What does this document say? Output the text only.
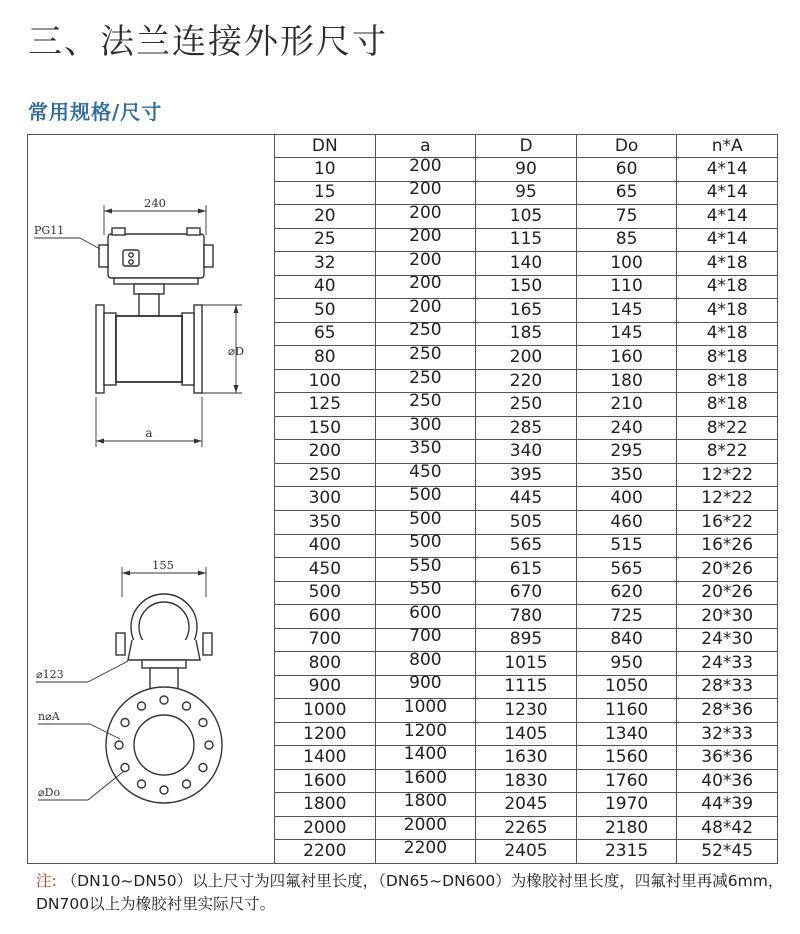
三、法兰连接外形尺寸
常用规格/尺寸
240
PG11
⌀D
a
155
⌀123
n⌀A
⌀Do
DN	a	D	Do	n*A
10	200	90	60	4*14
15	200	95	65	4*14
20	200	105	75	4*14
25	200	115	85	4*14
32	200	140	100	4*18
40	200	150	110	4*18
50	200	165	145	4*18
65	250	185	145	4*18
80	250	200	160	8*18
100	250	220	180	8*18
125	250	250	210	8*18
150	300	285	240	8*22
200	350	340	295	8*22
250	450	395	350	12*22
300	500	445	400	12*22
350	500	505	460	16*22
400	500	565	515	16*26
450	550	615	565	20*26
500	550	670	620	20*26
600	600	780	725	20*30
700	700	895	840	24*30
800	800	1015	950	24*33
900	900	1115	1050	28*33
1000	1000	1230	1160	28*36
1200	1200	1405	1340	32*33
1400	1400	1630	1560	36*36
1600	1600	1830	1760	40*36
1800	1800	2045	1970	44*39
2000	2000	2265	2180	48*42
2200	2200	2405	2315	52*45

注: （DN10~DN50）以上尺寸为四氟衬里长度，（DN65~DN600）为橡胶衬里长度，四氟衬里再减6mm，DN700以上为橡胶衬里实际尺寸。
